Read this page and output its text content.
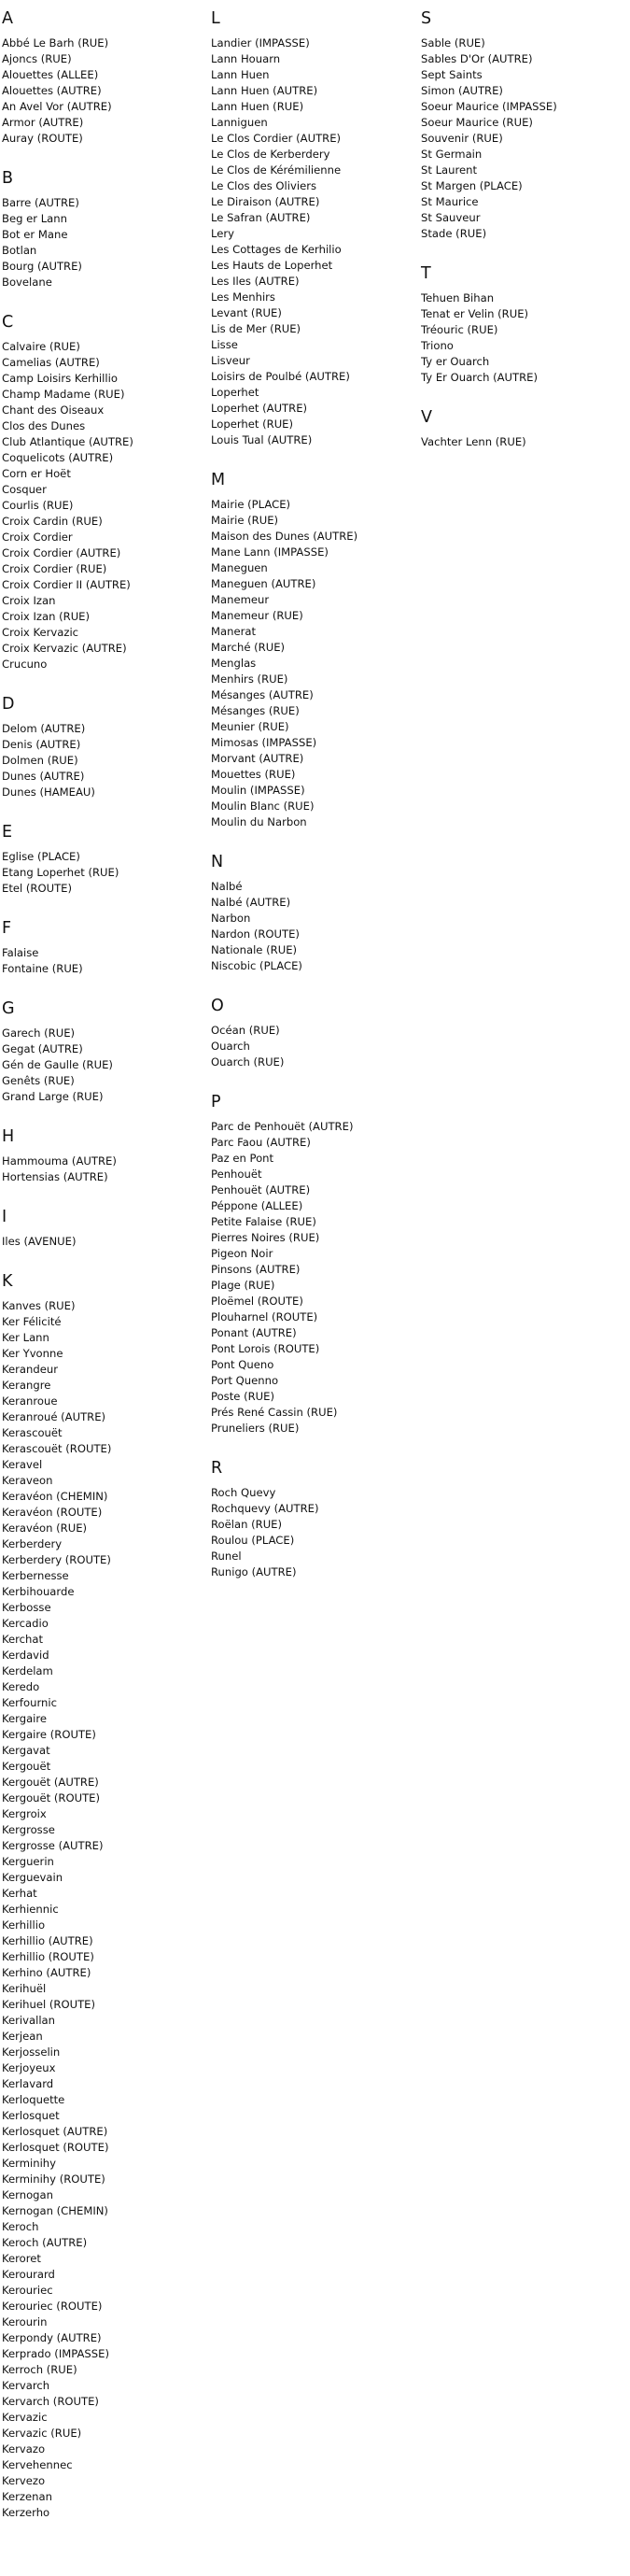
A
Abbé Le Barh (RUE)
Ajoncs (RUE)
Alouettes (ALLEE)
Alouettes (AUTRE)
An Avel Vor (AUTRE)
Armor (AUTRE)
Auray (ROUTE)
B
Barre (AUTRE)
Beg er Lann
Bot er Mane
Botlan
Bourg (AUTRE)
Bovelane
C
Calvaire (RUE)
Camelias (AUTRE)
Camp Loisirs Kerhillio
Champ Madame (RUE)
Chant des Oiseaux
Clos des Dunes
Club Atlantique (AUTRE)
Coquelicots (AUTRE)
Corn er Hoët
Cosquer
Courlis (RUE)
Croix Cardin (RUE)
Croix Cordier
Croix Cordier (AUTRE)
Croix Cordier (RUE)
Croix Cordier II (AUTRE)
Croix Izan
Croix Izan (RUE)
Croix Kervazic
Croix Kervazic (AUTRE)
Crucuno
D
Delom (AUTRE)
Denis (AUTRE)
Dolmen (RUE)
Dunes (AUTRE)
Dunes (HAMEAU)
E
Eglise (PLACE)
Etang Loperhet (RUE)
Etel (ROUTE)
F
Falaise
Fontaine (RUE)
G
Garech (RUE)
Gegat (AUTRE)
Gén de Gaulle (RUE)
Genêts (RUE)
Grand Large (RUE)
H
Hammouma (AUTRE)
Hortensias (AUTRE)
I
Iles (AVENUE)
K
Kanves (RUE)
Ker Félicité
Ker Lann
Ker Yvonne
Kerandeur
Kerangre
Keranroue
Keranroué (AUTRE)
Kerascouët
Kerascouët (ROUTE)
Keravel
Keraveon
Keravéon (CHEMIN)
Keravéon (ROUTE)
Keravéon (RUE)
Kerberdery
Kerberdery (ROUTE)
Kerbernesse
Kerbihouarde
Kerbosse
Kercadio
Kerchat
Kerdavid
Kerdelam
Keredo
Kerfournic
Kergaire
Kergaire (ROUTE)
Kergavat
Kergouët
Kergouët (AUTRE)
Kergouët (ROUTE)
Kergroix
Kergrosse
Kergrosse (AUTRE)
Kerguerin
Kerguevain
Kerhat
Kerhiennic
Kerhillio
Kerhillio (AUTRE)
Kerhillio (ROUTE)
Kerhino (AUTRE)
Kerihuël
Kerihuel (ROUTE)
Kerivallan
Kerjean
Kerjosselin
Kerjoyeux
Kerlavard
Kerloquette
Kerlosquet
Kerlosquet (AUTRE)
Kerlosquet (ROUTE)
Kerminihy
Kerminihy (ROUTE)
Kernogan
Kernogan (CHEMIN)
Keroch
Keroch (AUTRE)
Keroret
Kerourard
Kerouriec
Kerouriec (ROUTE)
Kerourin
Kerpondy (AUTRE)
Kerprado (IMPASSE)
Kerroch (RUE)
Kervarch
Kervarch (ROUTE)
Kervazic
Kervazic (RUE)
Kervazo
Kervehennec
Kervezo
Kerzenan
Kerzerho
L
Landier (IMPASSE)
Lann Houarn
Lann Huen
Lann Huen (AUTRE)
Lann Huen (RUE)
Lanniguen
Le Clos Cordier (AUTRE)
Le Clos de Kerberdery
Le Clos de Kérémilienne
Le Clos des Oliviers
Le Diraison (AUTRE)
Le Safran (AUTRE)
Lery
Les Cottages de Kerhilio
Les Hauts de Loperhet
Les Iles (AUTRE)
Les Menhirs
Levant (RUE)
Lis de Mer (RUE)
Lisse
Lisveur
Loisirs de Poulbé (AUTRE)
Loperhet
Loperhet (AUTRE)
Loperhet (RUE)
Louis Tual (AUTRE)
M
Mairie (PLACE)
Mairie (RUE)
Maison des Dunes (AUTRE)
Mane Lann (IMPASSE)
Maneguen
Maneguen (AUTRE)
Manemeur
Manemeur (RUE)
Manerat
Marché (RUE)
Menglas
Menhirs (RUE)
Mésanges (AUTRE)
Mésanges (RUE)
Meunier (RUE)
Mimosas (IMPASSE)
Morvant (AUTRE)
Mouettes (RUE)
Moulin (IMPASSE)
Moulin Blanc (RUE)
Moulin du Narbon
N
Nalbé
Nalbé (AUTRE)
Narbon
Nardon (ROUTE)
Nationale (RUE)
Niscobic (PLACE)
O
Océan (RUE)
Ouarch
Ouarch (RUE)
P
Parc de Penhouët (AUTRE)
Parc Faou (AUTRE)
Paz en Pont
Penhouët
Penhouët (AUTRE)
Péppone (ALLEE)
Petite Falaise (RUE)
Pierres Noires (RUE)
Pigeon Noir
Pinsons (AUTRE)
Plage (RUE)
Ploëmel (ROUTE)
Plouharnel (ROUTE)
Ponant (AUTRE)
Pont Lorois (ROUTE)
Pont Queno
Port Quenno
Poste (RUE)
Prés René Cassin (RUE)
Pruneliers (RUE)
R
Roch Quevy
Rochquevy (AUTRE)
Roëlan (RUE)
Roulou (PLACE)
Runel
Runigo (AUTRE)
S
Sable (RUE)
Sables D'Or (AUTRE)
Sept Saints
Simon (AUTRE)
Soeur Maurice (IMPASSE)
Soeur Maurice (RUE)
Souvenir (RUE)
St Germain
St Laurent
St Margen (PLACE)
St Maurice
St Sauveur
Stade (RUE)
T
Tehuen Bihan
Tenat er Velin (RUE)
Tréouric (RUE)
Triono
Ty er Ouarch
Ty Er Ouarch (AUTRE)
V
Vachter Lenn (RUE)
